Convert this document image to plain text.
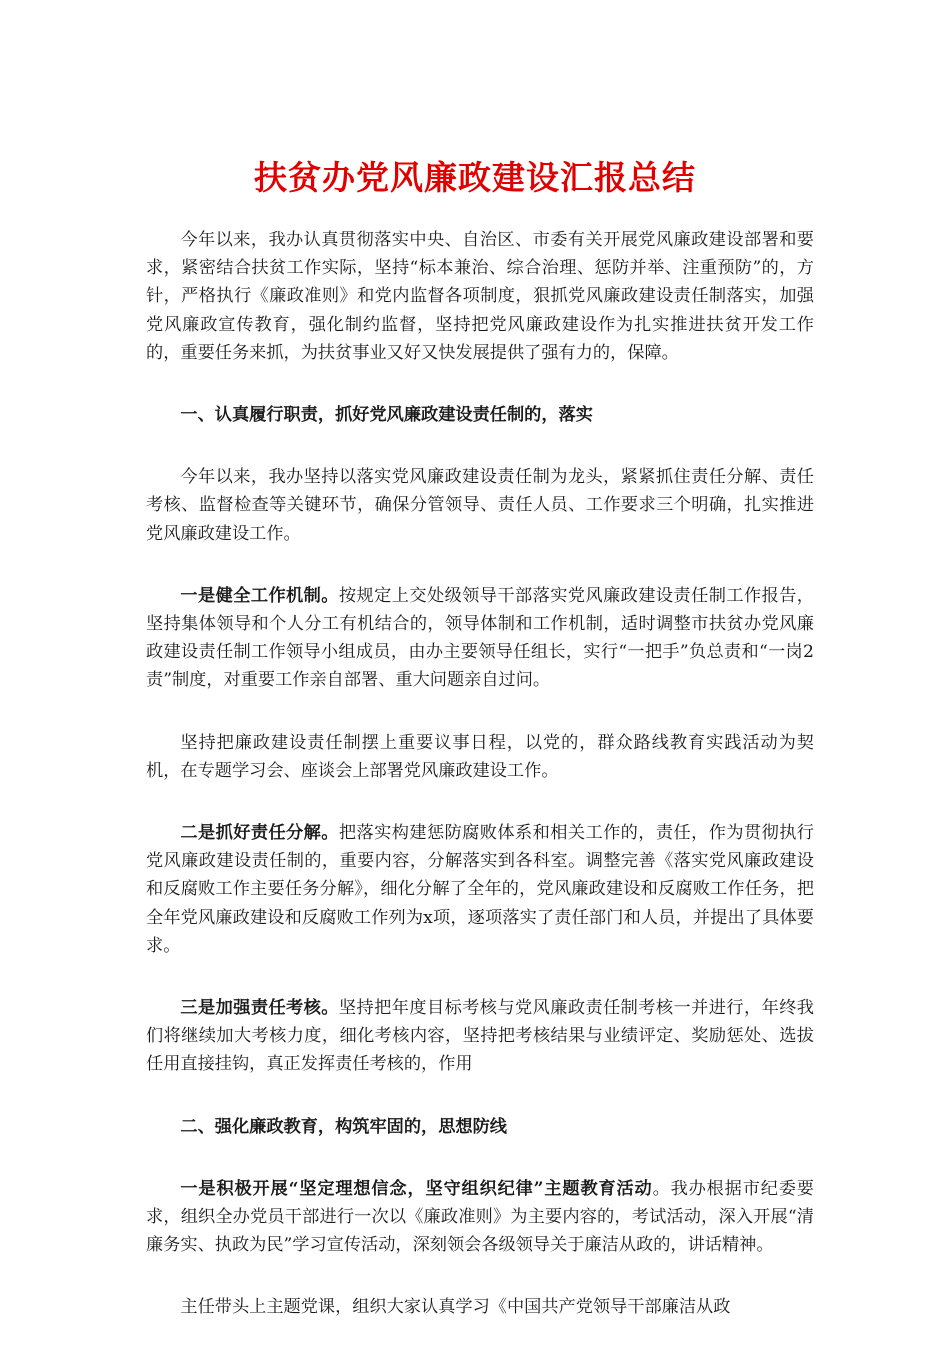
扶贫办党风廉政建设汇报总结

今年以来，我办认真贯彻落实中央、自治区、市委有关开展党风廉政建设部署和要求，紧密结合扶贫工作实际，坚持“标本兼治、综合治理、惩防并举、注重预防”的，方针，严格执行《廉政准则》和党内监督各项制度，狠抓党风廉政建设责任制落实，加强党风廉政宣传教育，强化制约监督，坚持把党风廉政建设作为扎实推进扶贫开发工作的，重要任务来抓，为扶贫事业又好又快发展提供了强有力的，保障。

一、认真履行职责，抓好党风廉政建设责任制的，落实

今年以来，我办坚持以落实党风廉政建设责任制为龙头，紧紧抓住责任分解、责任考核、监督检查等关键环节，确保分管领导、责任人员、工作要求三个明确，扎实推进党风廉政建设工作。

一是健全工作机制。按规定上交处级领导干部落实党风廉政建设责任制工作报告，坚持集体领导和个人分工有机结合的，领导体制和工作机制，适时调整市扶贫办党风廉政建设责任制工作领导小组成员，由办主要领导任组长，实行“一把手”负总责和“一岗2责”制度，对重要工作亲自部署、重大问题亲自过问。

坚持把廉政建设责任制摆上重要议事日程，以党的，群众路线教育实践活动为契机，在专题学习会、座谈会上部署党风廉政建设工作。

二是抓好责任分解。把落实构建惩防腐败体系和相关工作的，责任，作为贯彻执行党风廉政建设责任制的，重要内容，分解落实到各科室。调整完善《落实党风廉政建设和反腐败工作主要任务分解》，细化分解了全年的，党风廉政建设和反腐败工作任务，把全年党风廉政建设和反腐败工作列为x项，逐项落实了责任部门和人员，并提出了具体要求。

三是加强责任考核。坚持把年度目标考核与党风廉政责任制考核一并进行，年终我们将继续加大考核力度，细化考核内容，坚持把考核结果与业绩评定、奖励惩处、选拔任用直接挂钩，真正发挥责任考核的，作用

二、强化廉政教育，构筑牢固的，思想防线

一是积极开展“坚定理想信念，坚守组织纪律”主题教育活动。我办根据市纪委要求，组织全办党员干部进行一次以《廉政准则》为主要内容的，考试活动，深入开展“清廉务实、执政为民”学习宣传活动，深刻领会各级领导关于廉洁从政的，讲话精神。

主任带头上主题党课，组织大家认真学习《中国共产党领导干部廉洁从政
